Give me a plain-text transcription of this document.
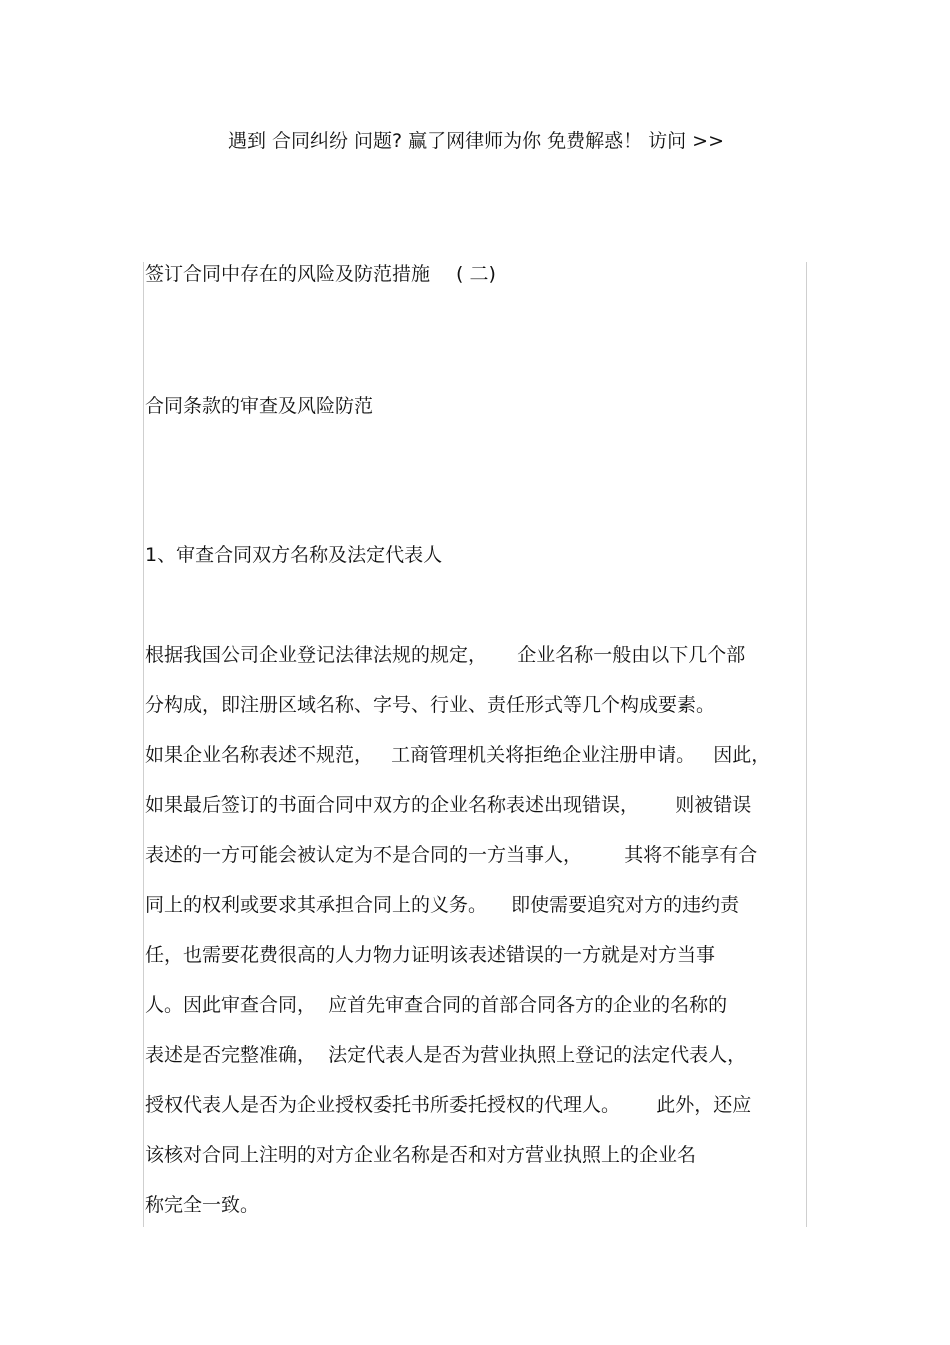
遇到 合同纠纷 问题? 赢了网律师为你 免费解惑！ 访问 >>
签订合同中存在的风险及防范措施 ( 二)
合同条款的审查及风险防范
1、审查合同双方名称及法定代表人
根据我国公司企业登记法律法规的规定，     企业名称一般由以下几个部
分构成，即注册区域名称、字号、行业、责任形式等几个构成要素。
如果企业名称表述不规范，   工商管理机关将拒绝企业注册申请。   因此，
如果最后签订的书面合同中双方的企业名称表述出现错误，      则被错误
表述的一方可能会被认定为不是合同的一方当事人，       其将不能享有合
同上的权利或要求其承担合同上的义务。    即使需要追究对方的违约责
任，也需要花费很高的人力物力证明该表述错误的一方就是对方当事
人。因此审查合同，  应首先审查合同的首部合同各方的企业的名称的
表述是否完整准确，  法定代表人是否为营业执照上登记的法定代表人，
授权代表人是否为企业授权委托书所委托授权的代理人。      此外，还应
该核对合同上注明的对方企业名称是否和对方营业执照上的企业名
称完全一致。
